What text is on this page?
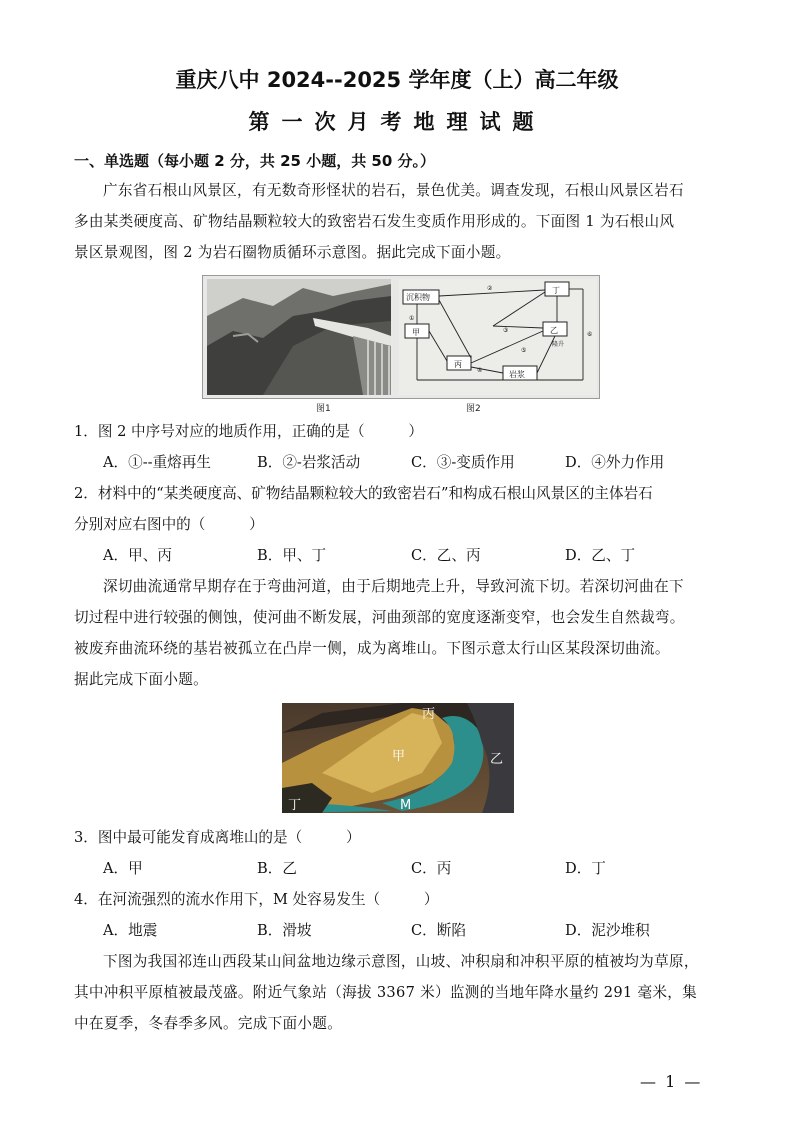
重庆八中 2024--2025 学年度（上）高二年级
第一次月考地理试题
一、单选题（每小题 2 分，共 25 小题，共 50 分。）
广东省石根山风景区，有无数奇形怪状的岩石，景色优美。调查发现，石根山风景区岩石
多由某类硬度高、矿物结晶颗粒较大的致密岩石发生变质作用形成的。下面图 1 为石根山风
景区景观图，图 2 为岩石圈物质循环示意图。据此完成下面小题。
沉积物
甲
丙
乙
丁
岩浆
隆升
②
③
①
④
⑤
⑥
图1	图2
1．图 2 中序号对应的地质作用，正确的是（　　　）
A．①--重熔再生	B．②-岩浆活动	C．③-变质作用	D．④外力作用
2．材料中的“某类硬度高、矿物结晶颗粒较大的致密岩石”和构成石根山风景区的主体岩石
分别对应右图中的（　　　）
A．甲、丙	B．甲、丁	C．乙、丙	D．乙、丁
深切曲流通常早期存在于弯曲河道，由于后期地壳上升，导致河流下切。若深切河曲在下
切过程中进行较强的侧蚀，使河曲不断发展，河曲颈部的宽度逐渐变窄，也会发生自然裁弯。
被废弃曲流环绕的基岩被孤立在凸岸一侧，成为离堆山。下图示意太行山区某段深切曲流。
据此完成下面小题。
丙
甲	乙
丁	M
3．图中最可能发育成离堆山的是（　　　）
A．甲	B．乙	C．丙	D．丁
4．在河流强烈的流水作用下，M 处容易发生（　　　）
A．地震	B．滑坡	C．断陷	D．泥沙堆积
下图为我国祁连山西段某山间盆地边缘示意图，山坡、冲积扇和冲积平原的植被均为草原，
其中冲积平原植被最茂盛。附近气象站（海拔 3367 米）监测的当地年降水量约 291 毫米，集
中在夏季，冬春季多风。完成下面小题。
— 1 —
